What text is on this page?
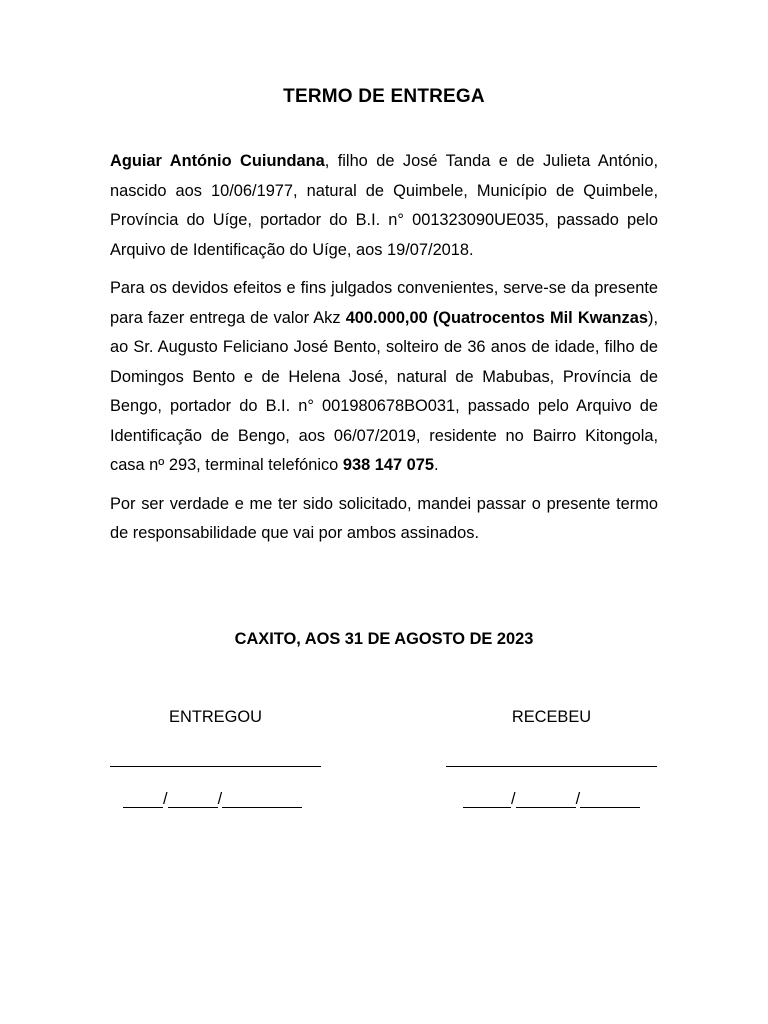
TERMO DE ENTREGA

Aguiar António Cuiundana, filho de José Tanda e de Julieta António, nascido aos 10/06/1977, natural de Quimbele, Município de Quimbele, Província do Uíge, portador do B.I. n° 001323090UE035, passado pelo Arquivo de Identificação do Uíge, aos 19/07/2018.

Para os devidos efeitos e fins julgados convenientes, serve-se da presente para fazer entrega de valor Akz 400.000,00 (Quatrocentos Mil Kwanzas), ao Sr. Augusto Feliciano José Bento, solteiro de 36 anos de idade, filho de Domingos Bento e de Helena José, natural de Mabubas, Província de Bengo, portador do B.I. n° 001980678BO031, passado pelo Arquivo de Identificação de Bengo, aos 06/07/2019, residente no Bairro Kitongola, casa nº 293, terminal telefónico 938 147 075.

Por ser verdade e me ter sido solicitado, mandei passar o presente termo de responsabilidade que vai por ambos assinados.

CAXITO, AOS 31 DE AGOSTO DE 2023
ENTREGOU	RECEBEU
/	/	/	/
